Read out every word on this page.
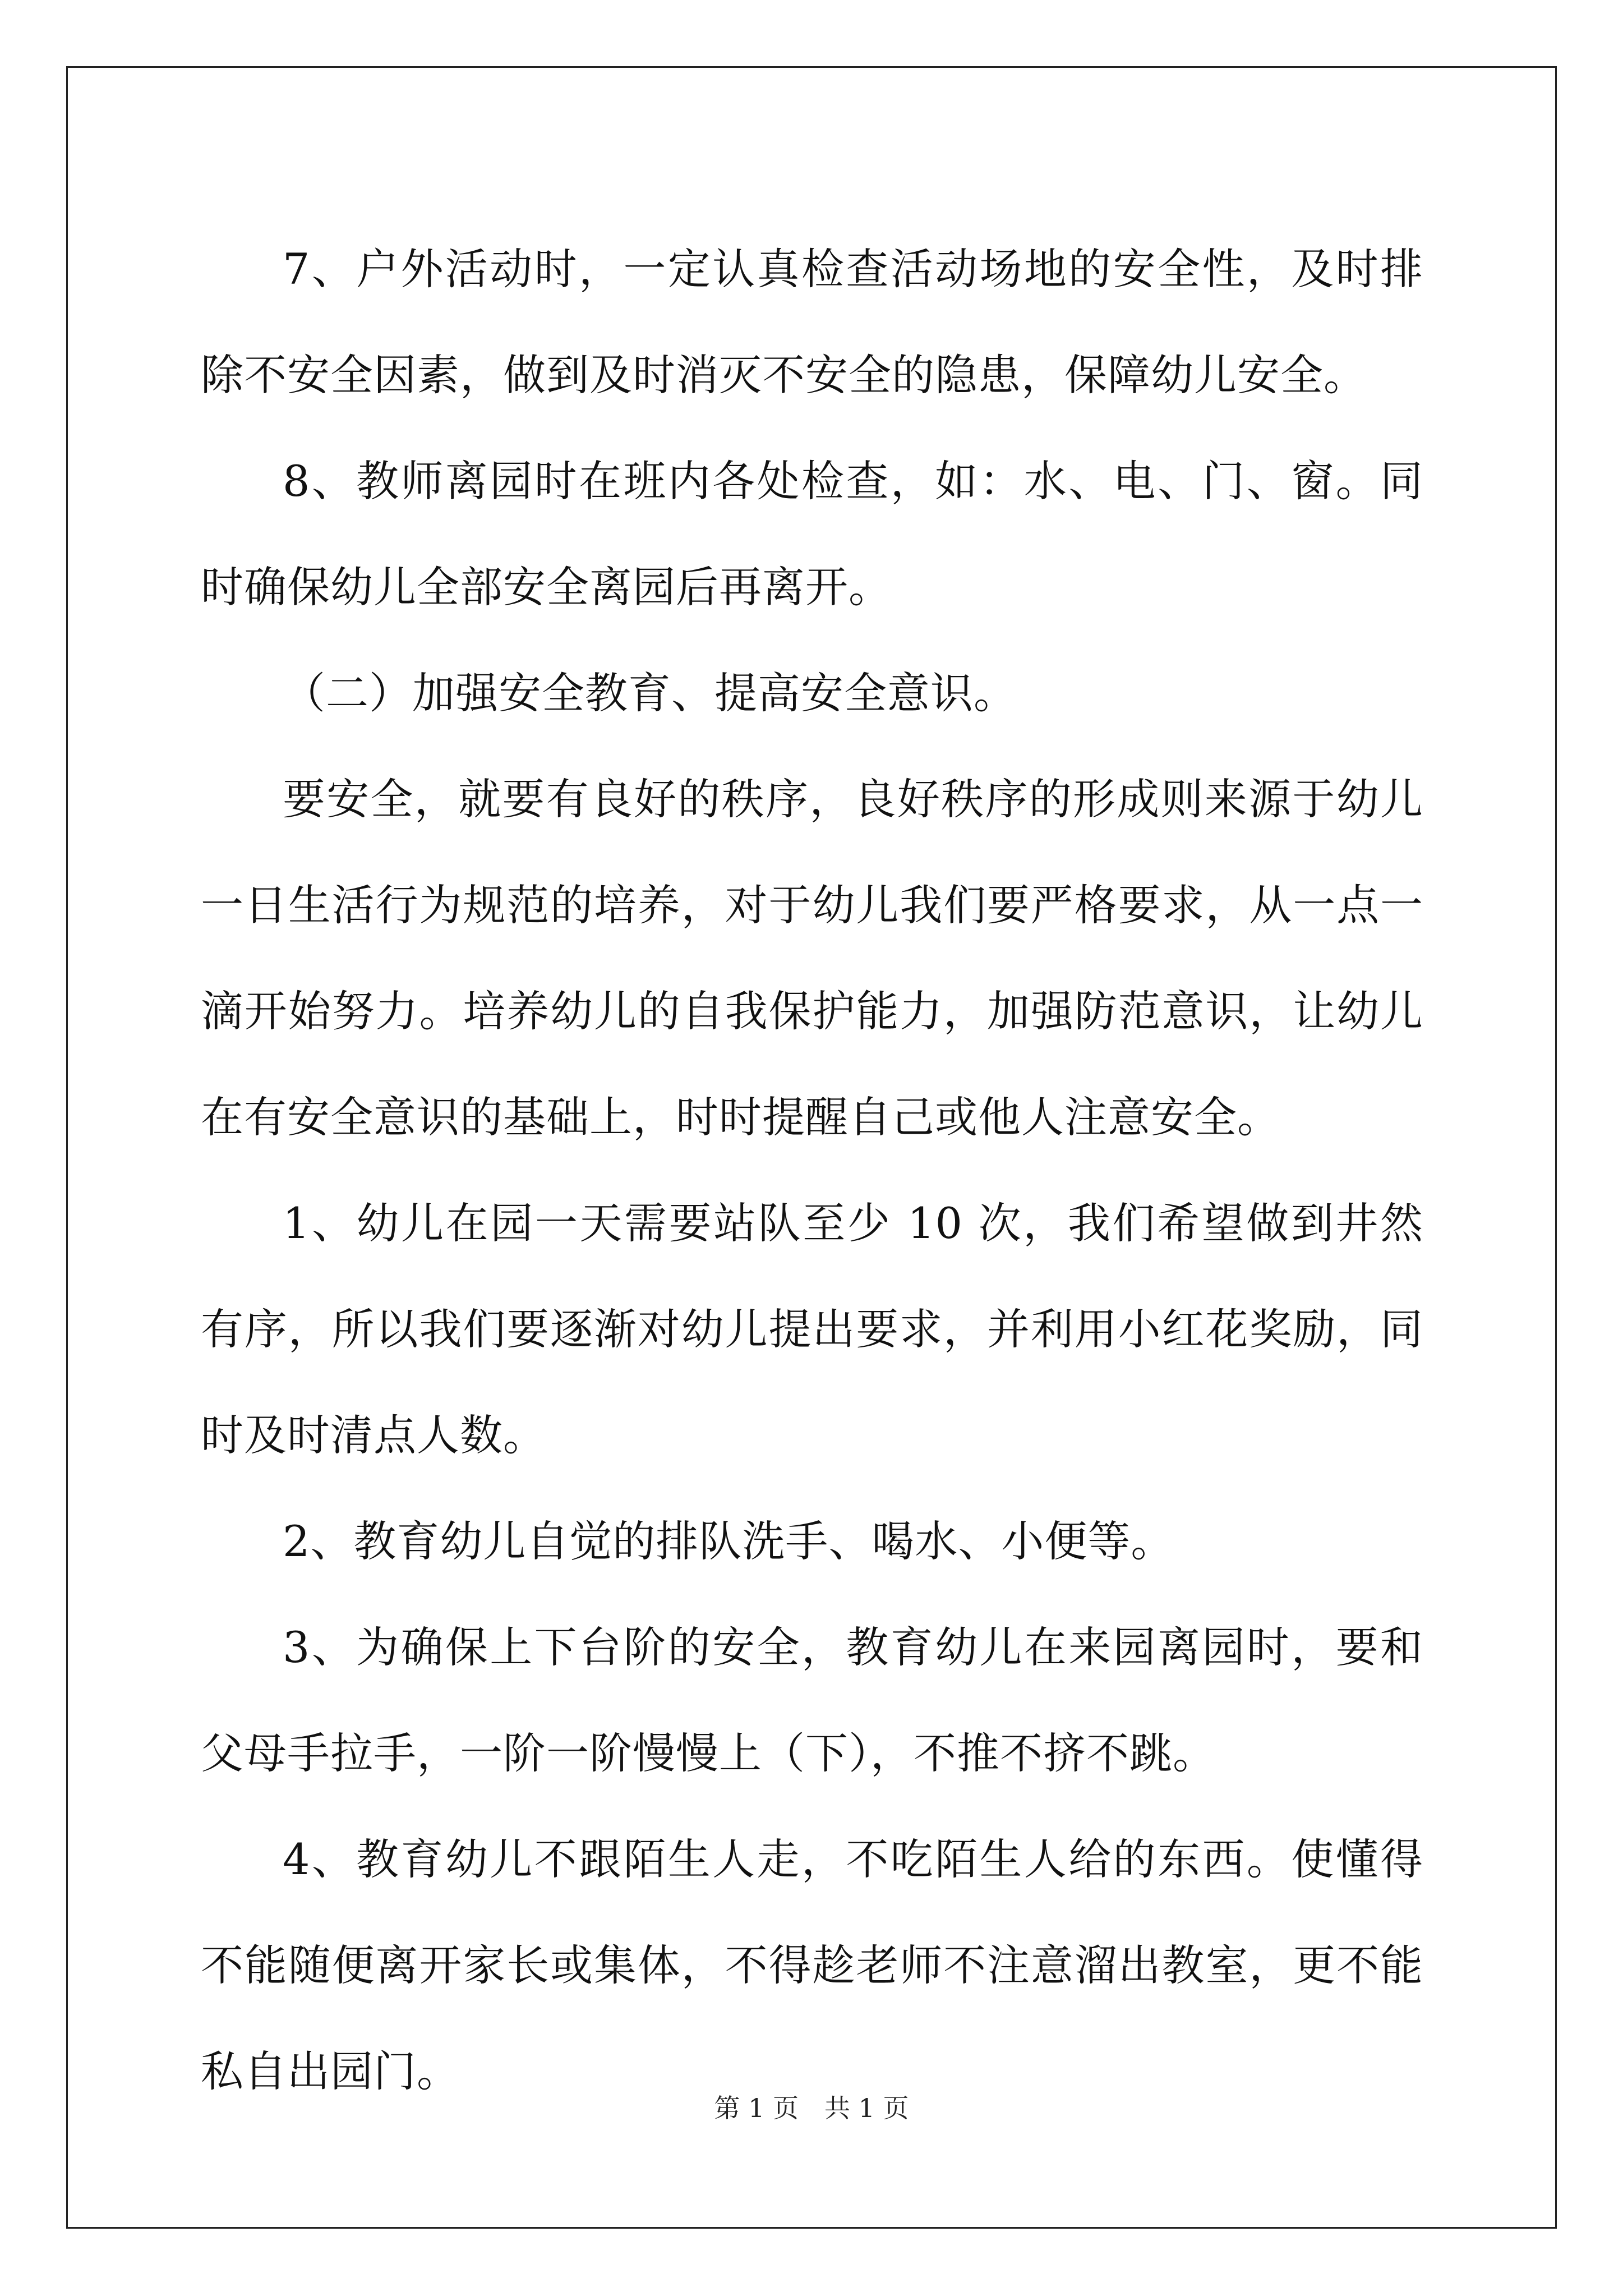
7、户外活动时，一定认真检查活动场地的安全性，及时排除不安全因素，做到及时消灭不安全的隐患，保障幼儿安全。

8、教师离园时在班内各处检查，如：水、电、门、窗。同时确保幼儿全部安全离园后再离开。

（二）加强安全教育、提高安全意识。

要安全，就要有良好的秩序，良好秩序的形成则来源于幼儿一日生活行为规范的培养，对于幼儿我们要严格要求，从一点一滴开始努力。培养幼儿的自我保护能力，加强防范意识，让幼儿在有安全意识的基础上，时时提醒自己或他人注意安全。

1、幼儿在园一天需要站队至少 10 次，我们希望做到井然有序，所以我们要逐渐对幼儿提出要求，并利用小红花奖励，同时及时清点人数。

2、教育幼儿自觉的排队洗手、喝水、小便等。

3、为确保上下台阶的安全，教育幼儿在来园离园时，要和父母手拉手，一阶一阶慢慢上（下），不推不挤不跳。

4、教育幼儿不跟陌生人走，不吃陌生人给的东西。使懂得不能随便离开家长或集体，不得趁老师不注意溜出教室，更不能私自出园门。

第 1 页　共 1 页
